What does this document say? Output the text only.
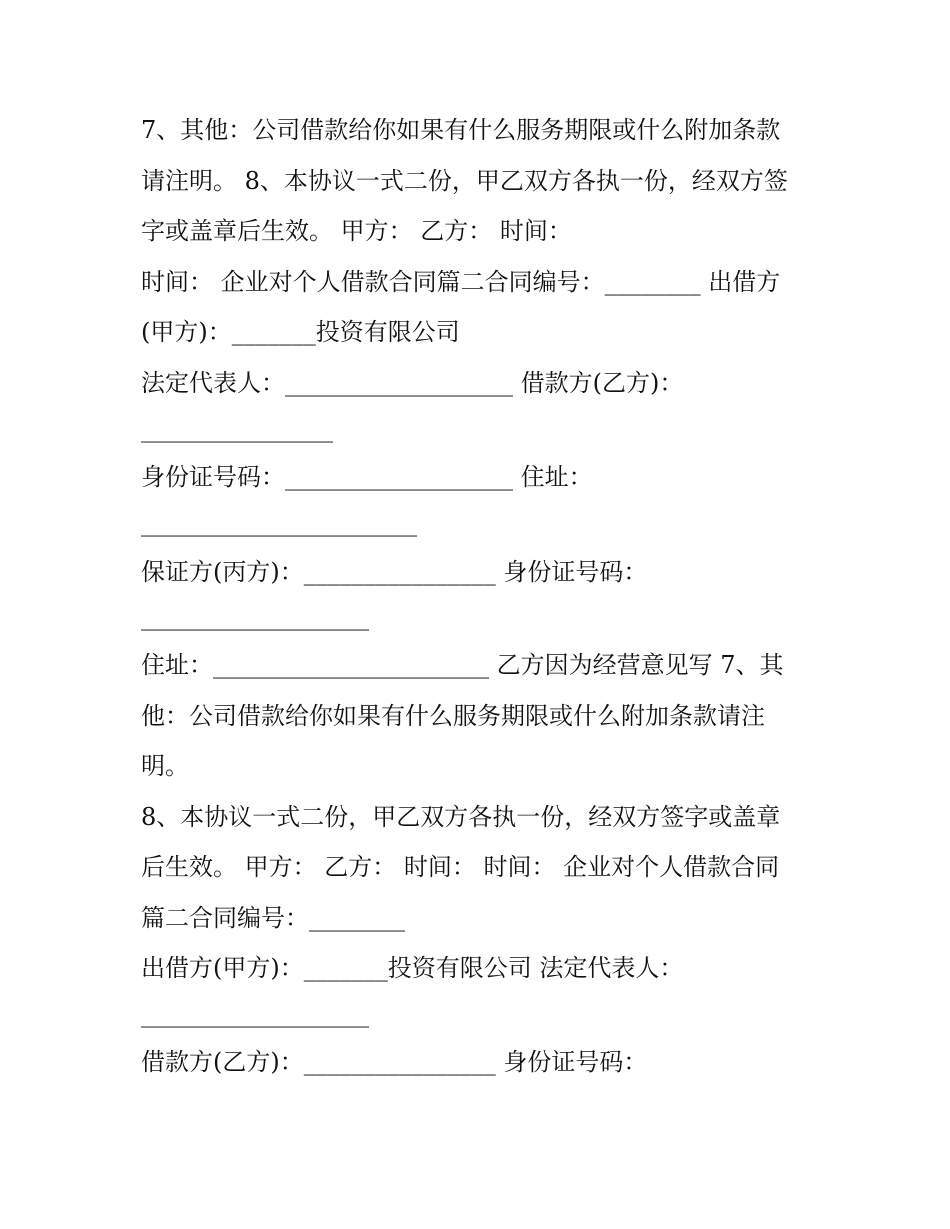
7、其他：公司借款给你如果有什么服务期限或什么附加条款
请注明。 8、本协议一式二份，甲乙双方各执一份，经双方签
字或盖章后生效。 甲方： 乙方： 时间：
时间： 企业对个人借款合同篇二合同编号：________ 出借方
(甲方)：_______投资有限公司
法定代表人：___________________ 借款方(乙方)：
________________
身份证号码：___________________ 住址：
_______________________
保证方(丙方)：________________ 身份证号码：
___________________
住址：_______________________ 乙方因为经营意见写 7、其
他：公司借款给你如果有什么服务期限或什么附加条款请注
明。
8、本协议一式二份，甲乙双方各执一份，经双方签字或盖章
后生效。 甲方： 乙方： 时间： 时间： 企业对个人借款合同
篇二合同编号：________
出借方(甲方)：_______投资有限公司 法定代表人：
___________________
借款方(乙方)：________________ 身份证号码：
